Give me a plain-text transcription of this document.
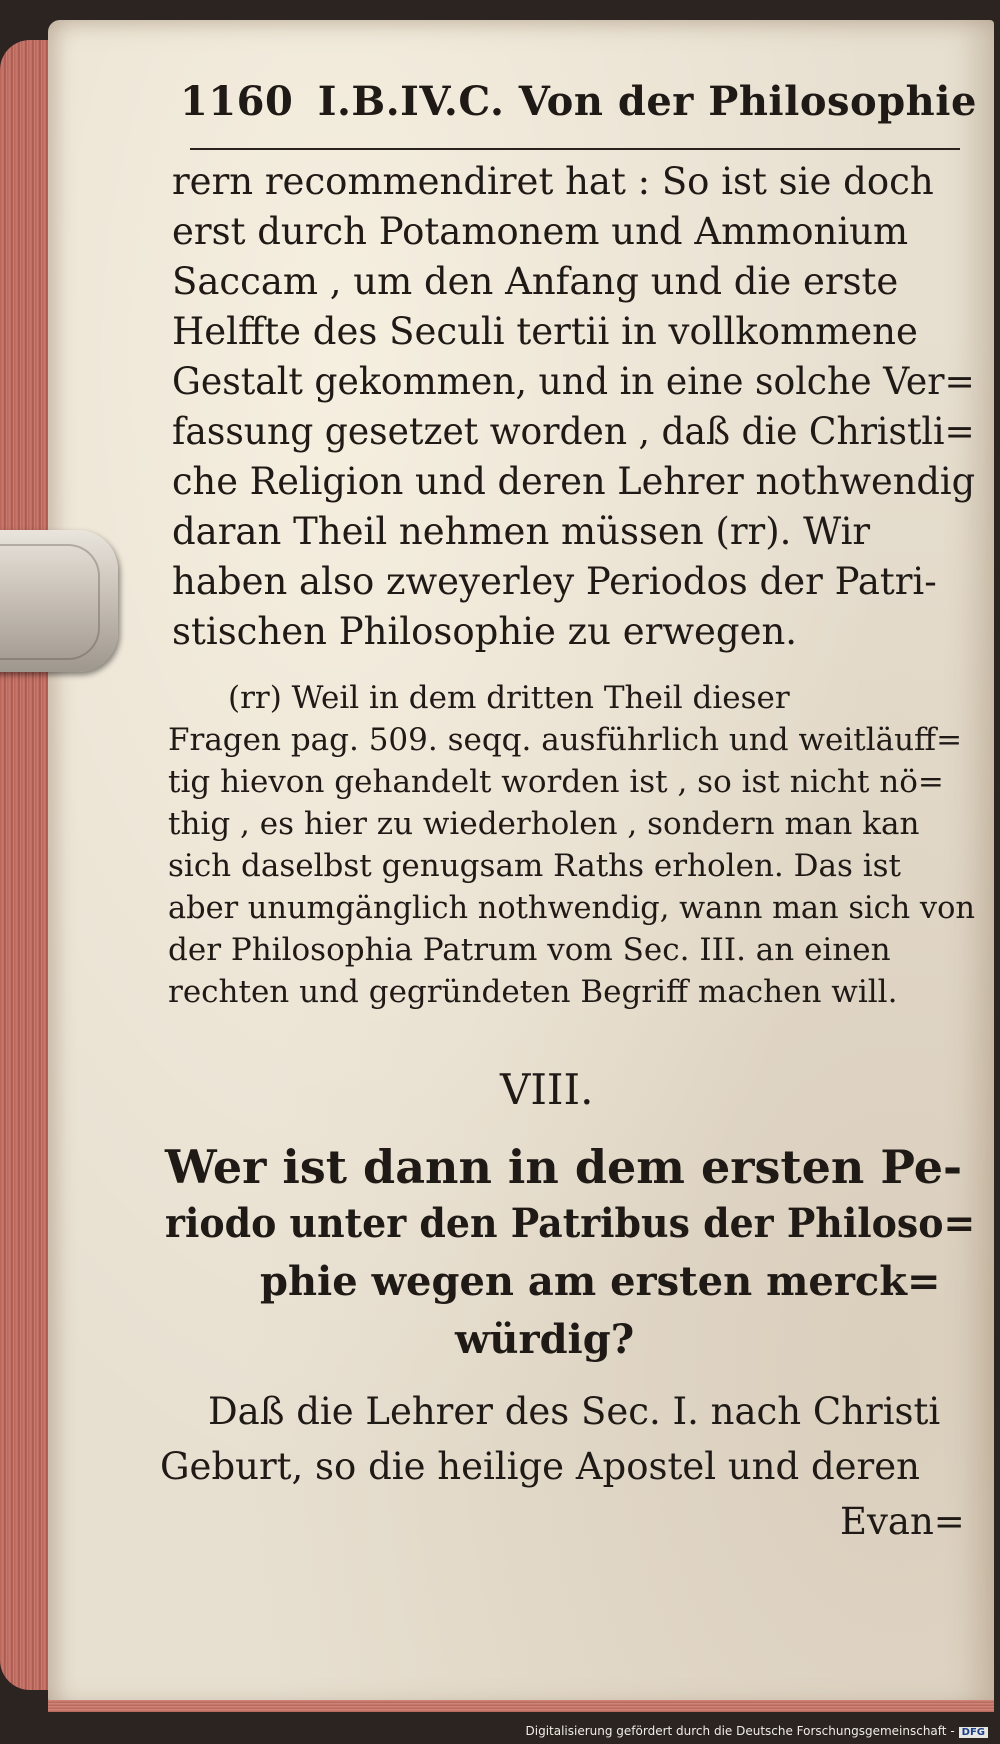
1160 I.B.IV.C. Von der Philosophie
rern recommendiret hat : So ist sie doch
erst durch Potamonem und Ammonium
Saccam , um den Anfang und die erste
Helffte des Seculi tertii in vollkommene
Gestalt gekommen, und in eine solche Ver=
fassung gesetzet worden , daß die Christli=
che Religion und deren Lehrer nothwendig
daran Theil nehmen müssen (rr). Wir
haben also zweyerley Periodos der Patri-
stischen Philosophie zu erwegen.
(rr) Weil in dem dritten Theil dieser
Fragen pag. 509. seqq. ausführlich und weitläuff=
tig hievon gehandelt worden ist , so ist nicht nö=
thig , es hier zu wiederholen , sondern man kan
sich daselbst genugsam Raths erholen. Das ist
aber unumgänglich nothwendig, wann man sich von
der Philosophia Patrum vom Sec. III. an einen
rechten und gegründeten Begriff machen will.
VIII.
Wer ist dann in dem ersten Pe-
riodo unter den Patribus der Philoso=
phie wegen am ersten merck=
würdig?
Daß die Lehrer des Sec. I. nach Christi
Geburt, so die heilige Apostel und deren
Evan=
Digitalisierung gefördert durch die Deutsche Forschungsgemeinschaft - DFG
